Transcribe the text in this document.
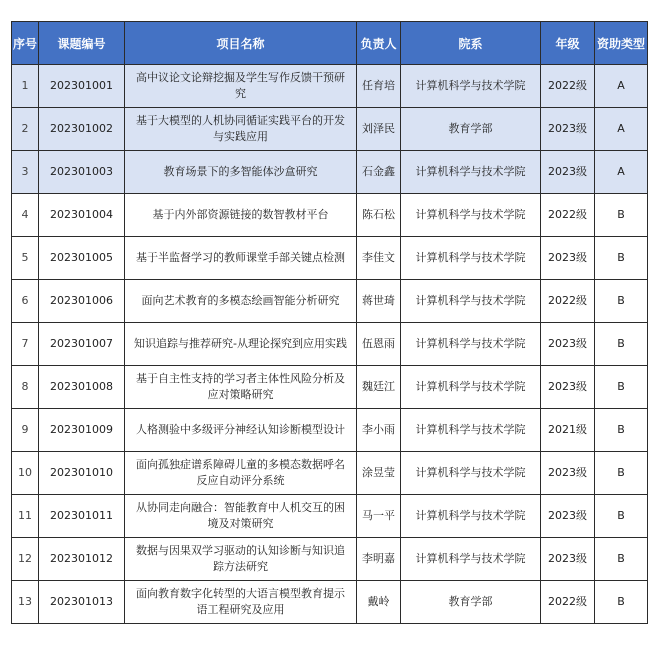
序号	课题编号	项目名称	负责人	院系	年级	资助类型
1	202301001	高中议论文论辩挖掘及学生写作反馈干预研究	任育培	计算机科学与技术学院	2022级	A
2	202301002	基于大模型的人机协同循证实践平台的开发与实践应用	刘泽民	教育学部	2023级	A
3	202301003	教育场景下的多智能体沙盒研究	石金鑫	计算机科学与技术学院	2023级	A
4	202301004	基于内外部资源链接的数智教材平台	陈石松	计算机科学与技术学院	2022级	B
5	202301005	基于半监督学习的教师课堂手部关键点检测	李佳文	计算机科学与技术学院	2023级	B
6	202301006	面向艺术教育的多模态绘画智能分析研究	蒋世琦	计算机科学与技术学院	2022级	B
7	202301007	知识追踪与推荐研究-从理论探究到应用实践	伍恩雨	计算机科学与技术学院	2023级	B
8	202301008	基于自主性支持的学习者主体性风险分析及应对策略研究	魏廷江	计算机科学与技术学院	2023级	B
9	202301009	人格测验中多级评分神经认知诊断模型设计	李小雨	计算机科学与技术学院	2021级	B
10	202301010	面向孤独症谱系障碍儿童的多模态数据呼名反应自动评分系统	涂昱莹	计算机科学与技术学院	2023级	B
11	202301011	从协同走向融合：智能教育中人机交互的困境及对策研究	马一平	计算机科学与技术学院	2023级	B
12	202301012	数据与因果双学习驱动的认知诊断与知识追踪方法研究	李明嘉	计算机科学与技术学院	2023级	B
13	202301013	面向教育数字化转型的大语言模型教育提示语工程研究及应用	戴岭	教育学部	2022级	B
